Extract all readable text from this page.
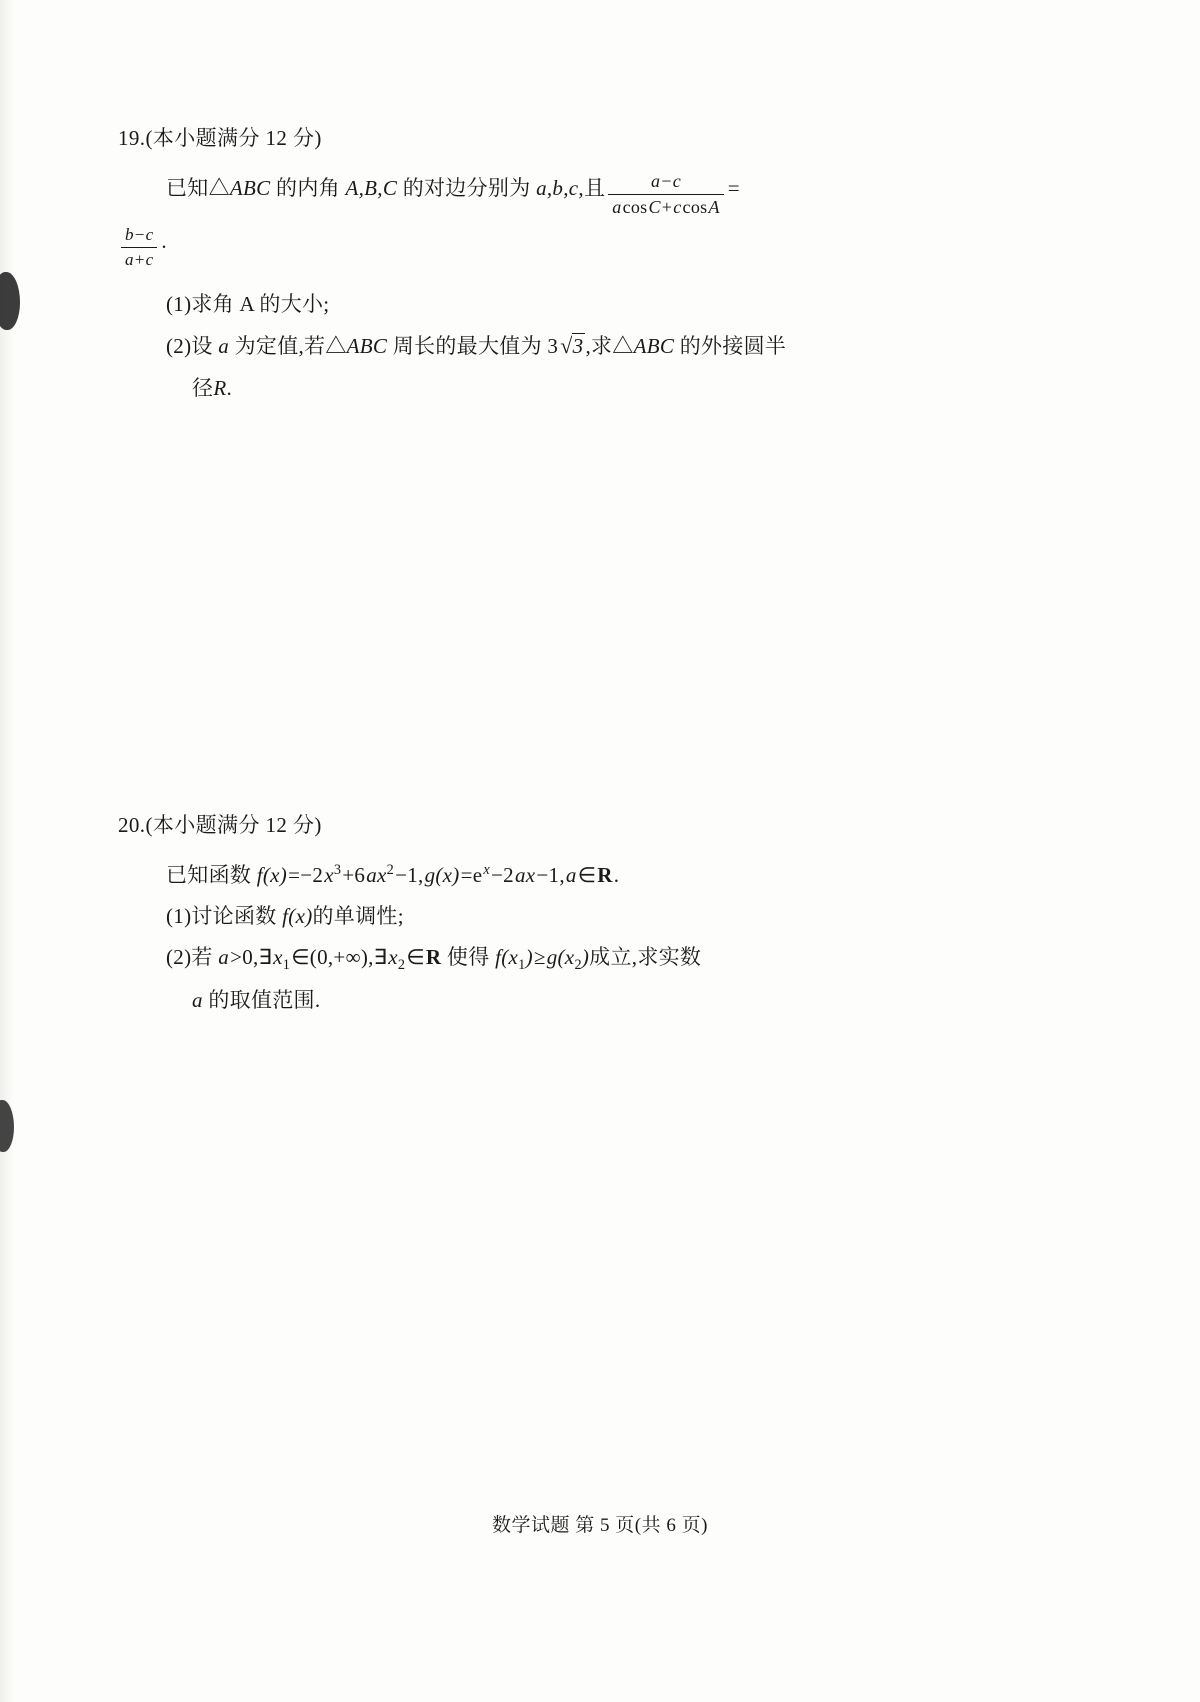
19.(本小题满分 12 分)
已知△ABC 的内角 A,B,C 的对边分别为 a,b,c,且 $\frac{a-c}{acosC+ccosA}$ =
$\frac{b-c}{a+c}$ .
(1)求角 A 的大小;
(2)设 a 为定值,若△ABC 周长的最大值为 3√3,求△ABC 的外接圆半
径R.
20.(本小题满分 12 分)
已知函数 $f(x)=-2x^3+6ax^2-1,g(x)=e^x-2ax-1,a\in R$.
(1)讨论函数 f(x)的单调性;
(2)若 $a>0,\exists x_1\in(0,+\infty),\exists x_2\in R$ 使得 $f(x_1)\ge g(x_2)$成立,求实数
a 的取值范围.
数学试题 第 5 页(共 6 页)
